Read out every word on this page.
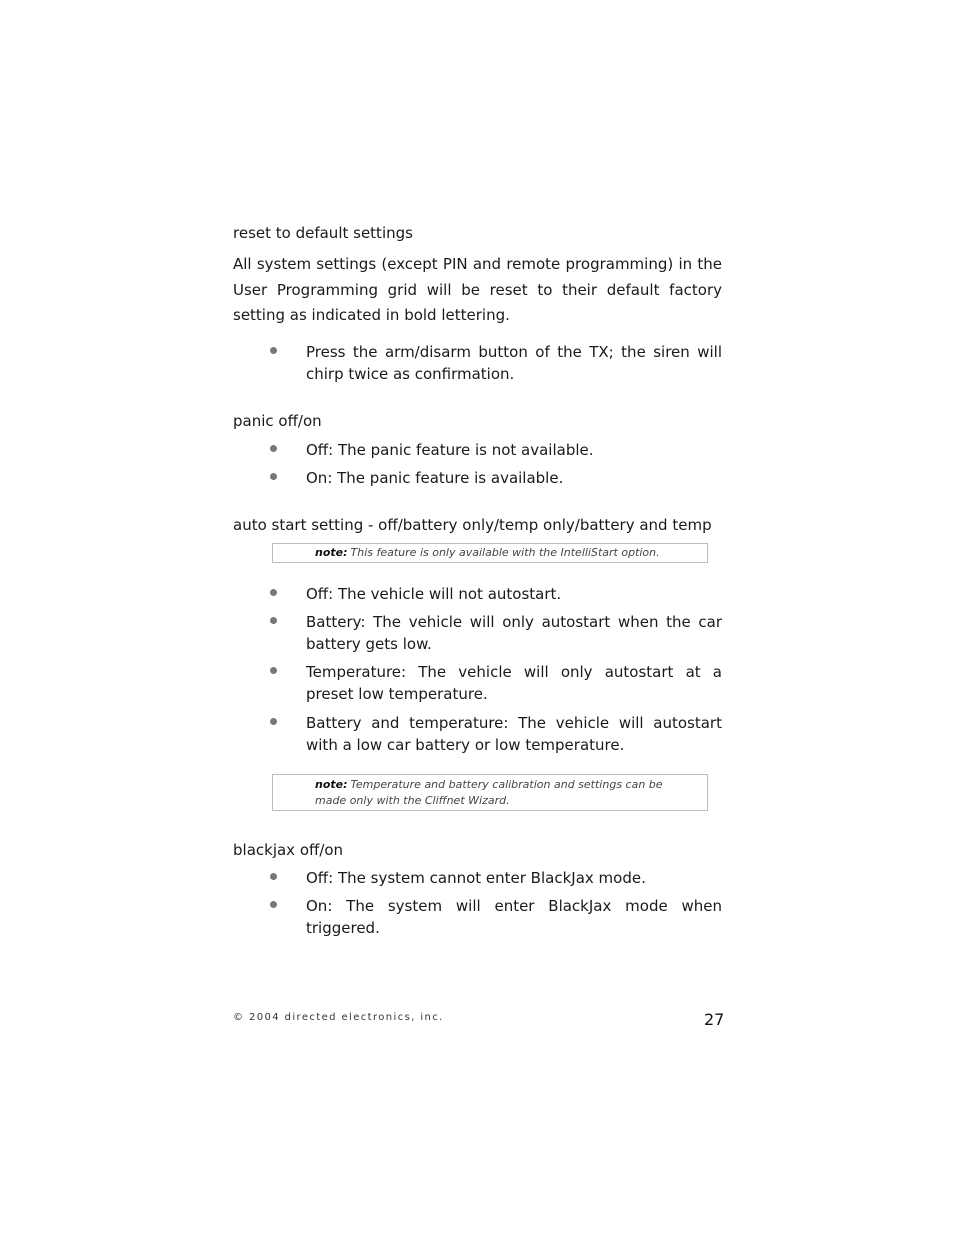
reset to default settings

All system settings (except PIN and remote programming) in the User Programming grid will be reset to their default factory setting as indicated in bold lettering.

Press the arm/disarm button of the TX; the siren will chirp twice as confirmation.
panic off/on
Off: The panic feature is not available.
On: The panic feature is available.
auto start setting - off/battery only/temp only/battery and temp
note: This feature is only available with the IntelliStart option.
Off: The vehicle will not autostart.
Battery: The vehicle will only autostart when the car battery gets low.
Temperature: The vehicle will only autostart at a preset low temperature.
Battery and temperature: The vehicle will autostart with a low car battery or low temperature.
note: Temperature and battery calibration and settings can be made only with the Cliffnet Wizard.
blackjax off/on
Off: The system cannot enter BlackJax mode.
On: The system will enter BlackJax mode when triggered.
© 2004 directed electronics, inc.	27
